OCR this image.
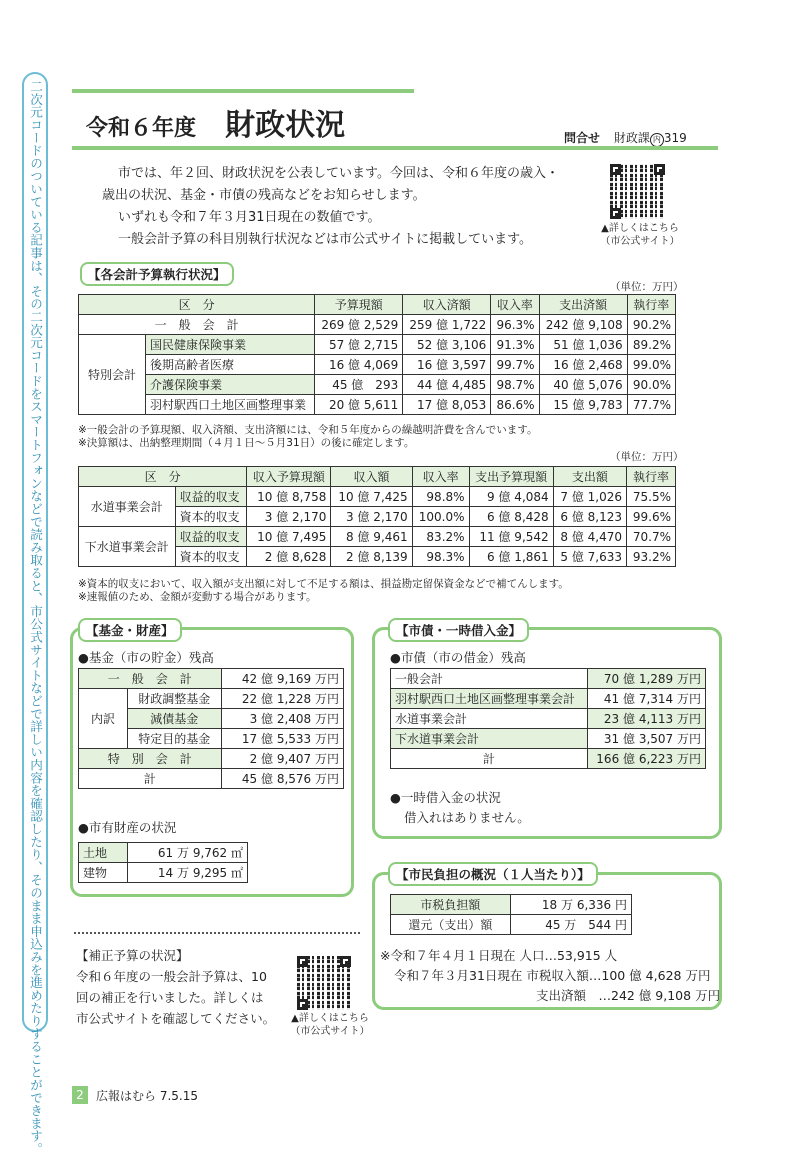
二次元コードのついている記事は、その二次元コードをスマートフォンなどで読み取ると、市公式サイトなどで詳しい内容を確認したり、そのまま申込みを進めたりすることができます。 令和６年度 財政状況	問合せ 財政課 内 319

市では、年２回、財政状況を公表しています。今回は、令和６年度の歳入・

歳出の状況、基金・市債の残高などをお知らせします。

いずれも令和７年３月31日現在の数値です。

一般会計予算の科目別執行状況などは市公式サイトに掲載しています。

▲詳しくはこちら
（市公式サイト）
【各会計予算執行状況】
（単位：万円）
区　分		予算現額	収入済額	収入率	支出済額	執行率
一　般　会　計		269 億 2,529	259 億 1,722	96.3%	242 億 9,108	90.2%
特別会計	国民健康保険事業	57 億 2,715	52 億 3,106	91.3%	51 億 1,036	89.2%
	後期高齢者医療	16 億 4,069	16 億 3,597	99.7%	16 億 2,468	99.0%
	介護保険事業	45 億　293	44 億 4,485	98.7%	40 億 5,076	90.0%
	羽村駅西口土地区画整理事業	20 億 5,611	17 億 8,053	86.6%	15 億 9,783	77.7%

※一般会計の予算現額、収入済額、支出済額には、令和５年度からの繰越明許費を含んでいます。

※決算額は、出納整理期間（４月１日～５月31日）の後に確定します。

（単位：万円）
区　分		収入予算現額	収入額	収入率	支出予算現額	支出額	執行率
水道事業会計	収益的収支	10 億 8,758	10 億 7,425	98.8%	9 億 4,084	7 億 1,026	75.5%
	資本的収支	3 億 2,170	3 億 2,170	100.0%	6 億 8,428	6 億 8,123	99.6%
下水道事業会計	収益的収支	10 億 7,495	8 億 9,461	83.2%	11 億 9,542	8 億 4,470	70.7%
	資本的収支	2 億 8,628	2 億 8,139	98.3%	6 億 1,861	5 億 7,633	93.2%

※資本的収支において、収入額が支出額に対して不足する額は、損益勘定留保資金などで補てんします。

※速報値のため、金額が変動する場合があります。

【基金・財産】
●基金（市の貯金）残高
一　般　会　計		42 億 9,169 万円
内訳	財政調整基金	22 億 1,228 万円
	減債基金	3 億 2,408 万円
	特定目的基金	17 億 5,533 万円
特　別　会　計		2 億 9,407 万円
計		45 億 8,576 万円
●市有財産の状況
土地	61 万 9,762 ㎡
建物	14 万 9,295 ㎡
【市債・一時借入金】
●市債（市の借金）残高
一般会計	70 億 1,289 万円
羽村駅西口土地区画整理事業会計	41 億 7,314 万円
水道事業会計	23 億 4,113 万円
下水道事業会計	31 億 3,507 万円
計	166 億 6,223 万円
●一時借入金の状況
借入れはありません。
【市民負担の概況（１人当たり）】
市税負担額	18 万 6,336 円
還元（支出）額	45 万　544 円
※令和７年４月１日現在 人口…53,915 人
令和７年３月31日現在 市税収入額…100 億 4,628 万円
支出済額　…242 億 9,108 万円
【補正予算の状況】

令和６年度の一般会計予算は、10

回の補正を行いました。詳しくは

市公式サイトを確認してください。	▲詳しくはこちら
（市公式サイト）
2	広報はむら 7.5.15
